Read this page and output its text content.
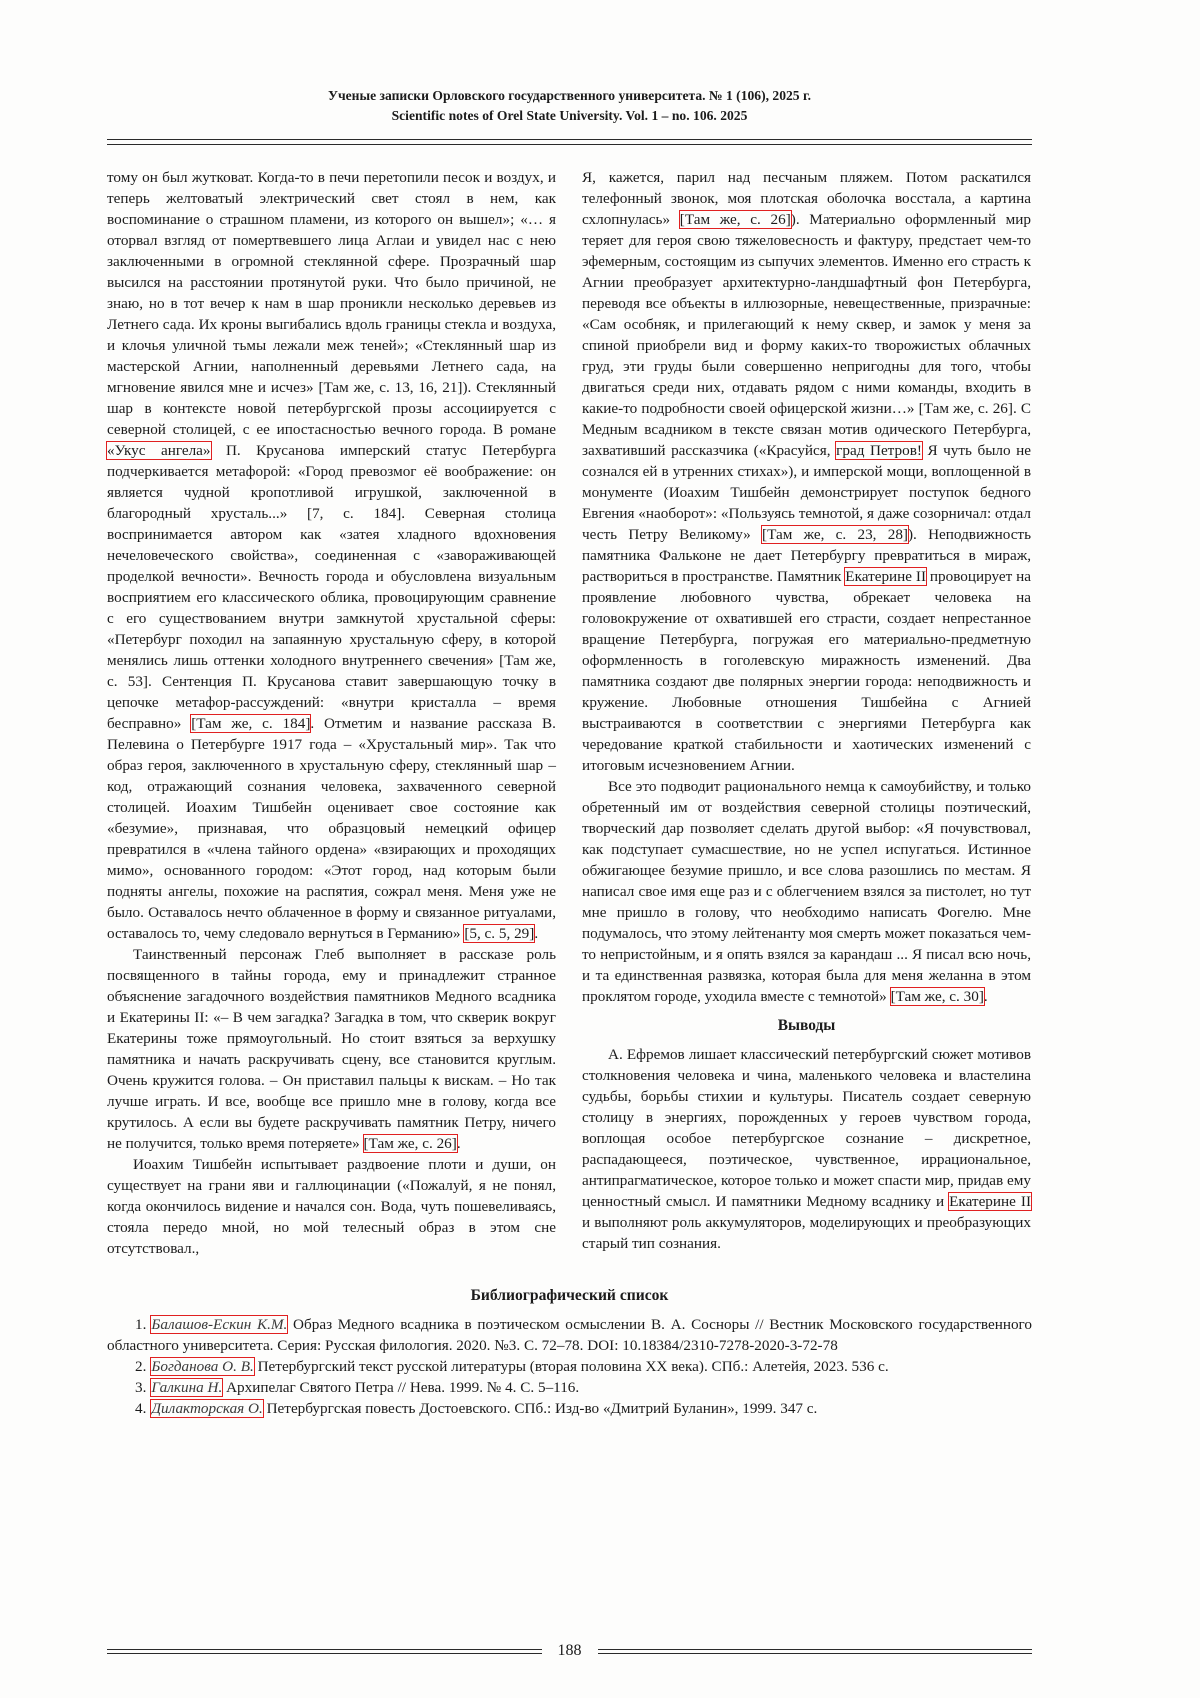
Ученые записки Орловского государственного университета. № 1 (106), 2025 г.
Scientific notes of Orel State University. Vol. 1 – no. 106. 2025

тому он был жутковат. Когда-то в печи перетопили песок и воздух, и теперь желтоватый электрический свет стоял в нем, как воспоминание о страшном пламени, из которого он вышел»; «… я оторвал взгляд от помертвевшего лица Аглаи и увидел нас с нею заключенными в огромной стеклянной сфере. Прозрачный шар высился на расстоянии протянутой руки. Что было причиной, не знаю, но в тот вечер к нам в шар проникли несколько деревьев из Летнего сада. Их кроны выгибались вдоль границы стекла и воздуха, и клочья уличной тьмы лежали меж теней»; «Стеклянный шар из мастерской Агнии, наполненный деревьями Летнего сада, на мгновение явился мне и исчез» [Там же, с. 13, 16, 21]). Стеклянный шар в контексте новой петербургской прозы ассоциируется с северной столицей, с ее ипостасностью вечного города. В романе «Укус ангела» П. Крусанова имперский статус Петербурга подчеркивается метафорой: «Город превозмог её воображение: он является чудной кропотливой игрушкой, заключенной в благородный хрусталь...» [7, с. 184]. Северная столица воспринимается автором как «затея хладного вдохновения нечеловеческого свойства», соединенная с «завораживающей проделкой вечности». Вечность города и обусловлена визуальным восприятием его классического облика, провоцирующим сравнение с его существованием внутри замкнутой хрустальной сферы: «Петербург походил на запаянную хрустальную сферу, в которой менялись лишь оттенки холодного внутреннего свечения» [Там же, с. 53]. Сентенция П. Крусанова ставит завершающую точку в цепочке метафор-рассуждений: «внутри кристалла – время бесправно» [Там же, с. 184]. Отметим и название рассказа В. Пелевина о Петербурге 1917 года – «Хрустальный мир». Так что образ героя, заключенного в хрустальную сферу, стеклянный шар – код, отражающий сознания человека, захваченного северной столицей. Иоахим Тишбейн оценивает свое состояние как «безумие», признавая, что образцовый немецкий офицер превратился в «члена тайного ордена» «взирающих и проходящих мимо», основанного городом: «Этот город, над которым были подняты ангелы, похожие на распятия, сожрал меня. Меня уже не было. Оставалось нечто облаченное в форму и связанное ритуалами, оставалось то, чему следовало вернуться в Германию» [5, с. 5, 29].

Таинственный персонаж Глеб выполняет в рассказе роль посвященного в тайны города, ему и принадлежит странное объяснение загадочного воздействия памятников Медного всадника и Екатерины II: «– В чем загадка? Загадка в том, что скверик вокруг Екатерины тоже прямоугольный. Но стоит взяться за верхушку памятника и начать раскручивать сцену, все становится круглым. Очень кружится голова. – Он приставил пальцы к вискам. – Но так лучше играть. И все, вообще все пришло мне в голову, когда все крутилось. А если вы будете раскручивать памятник Петру, ничего не получится, только время потеряете» [Там же, с. 26].

Иоахим Тишбейн испытывает раздвоение плоти и души, он существует на грани яви и галлюцинации («Пожалуй, я не понял, когда окончилось видение и начался сон. Вода, чуть пошевеливаясь, стояла передо мной, но мой телесный образ в этом сне отсутствовал.,

Я, кажется, парил над песчаным пляжем. Потом раскатился телефонный звонок, моя плотская оболочка восстала, а картина схлопнулась» [Там же, с. 26]). Материально оформленный мир теряет для героя свою тяжеловесность и фактуру, предстает чем-то эфемерным, состоящим из сыпучих элементов. Именно его страсть к Агнии преобразует архитектурно-ландшафтный фон Петербурга, переводя все объекты в иллюзорные, невещественные, призрачные: «Сам особняк, и прилегающий к нему сквер, и замок у меня за спиной приобрели вид и форму каких-то творожистых облачных груд, эти груды были совершенно непригодны для того, чтобы двигаться среди них, отдавать рядом с ними команды, входить в какие-то подробности своей офицерской жизни…» [Там же, с. 26]. С Медным всадником в тексте связан мотив одического Петербурга, захвативший рассказчика («Красуйся, град Петров! Я чуть было не сознался ей в утренних стихах»), и имперской мощи, воплощенной в монументе (Иоахим Тишбейн демонстрирует поступок бедного Евгения «наоборот»: «Пользуясь темнотой, я даже созорничал: отдал честь Петру Великому» [Там же, с. 23, 28]). Неподвижность памятника Фальконе не дает Петербургу превратиться в мираж, раствориться в пространстве. Памятник Екатерине II провоцирует на проявление любовного чувства, обрекает человека на головокружение от охватившей его страсти, создает непрестанное вращение Петербурга, погружая его материально-предметную оформленность в гоголевскую миражность изменений. Два памятника создают две полярных энергии города: неподвижность и кружение. Любовные отношения Тишбейна с Агнией выстраиваются в соответствии с энергиями Петербурга как чередование краткой стабильности и хаотических изменений с итоговым исчезновением Агнии.

Все это подводит рационального немца к самоубийству, и только обретенный им от воздействия северной столицы поэтический, творческий дар позволяет сделать другой выбор: «Я почувствовал, как подступает сумасшествие, но не успел испугаться. Истинное обжигающее безумие пришло, и все слова разошлись по местам. Я написал свое имя еще раз и с облегчением взялся за пистолет, но тут мне пришло в голову, что необходимо написать Фогелю. Мне подумалось, что этому лейтенанту моя смерть может показаться чем-то непристойным, и я опять взялся за карандаш ... Я писал всю ночь, и та единственная развязка, которая была для меня желанна в этом проклятом городе, уходила вместе с темнотой» [Там же, с. 30].

Выводы

А. Ефремов лишает классический петербургский сюжет мотивов столкновения человека и чина, маленького человека и властелина судьбы, борьбы стихии и культуры. Писатель создает северную столицу в энергиях, порожденных у героев чувством города, воплощая особое петербургское сознание – дискретное, распадающееся, поэтическое, чувственное, иррациональное, антипрагматическое, которое только и может спасти мир, придав ему ценностный смысл. И памятники Медному всаднику и Екатерине II и выполняют роль аккумуляторов, моделирующих и преобразующих старый тип сознания.

Библиографический список

1. Балашов-Ескин К.М. Образ Медного всадника в поэтическом осмыслении В. А. Сосноры // Вестник Московского государственного областного университета. Серия: Русская филология. 2020. №3. С. 72–78. DOI: 10.18384/2310-7278-2020-3-72-78

2. Богданова О. В. Петербургский текст русской литературы (вторая половина XX века). СПб.: Алетейя, 2023. 536 с.

3. Галкина Н. Архипелаг Святого Петра // Нева. 1999. № 4. С. 5–116.

4. Дилакторская О. Петербургская повесть Достоевского. СПб.: Изд-во «Дмитрий Буланин», 1999. 347 с.

188
